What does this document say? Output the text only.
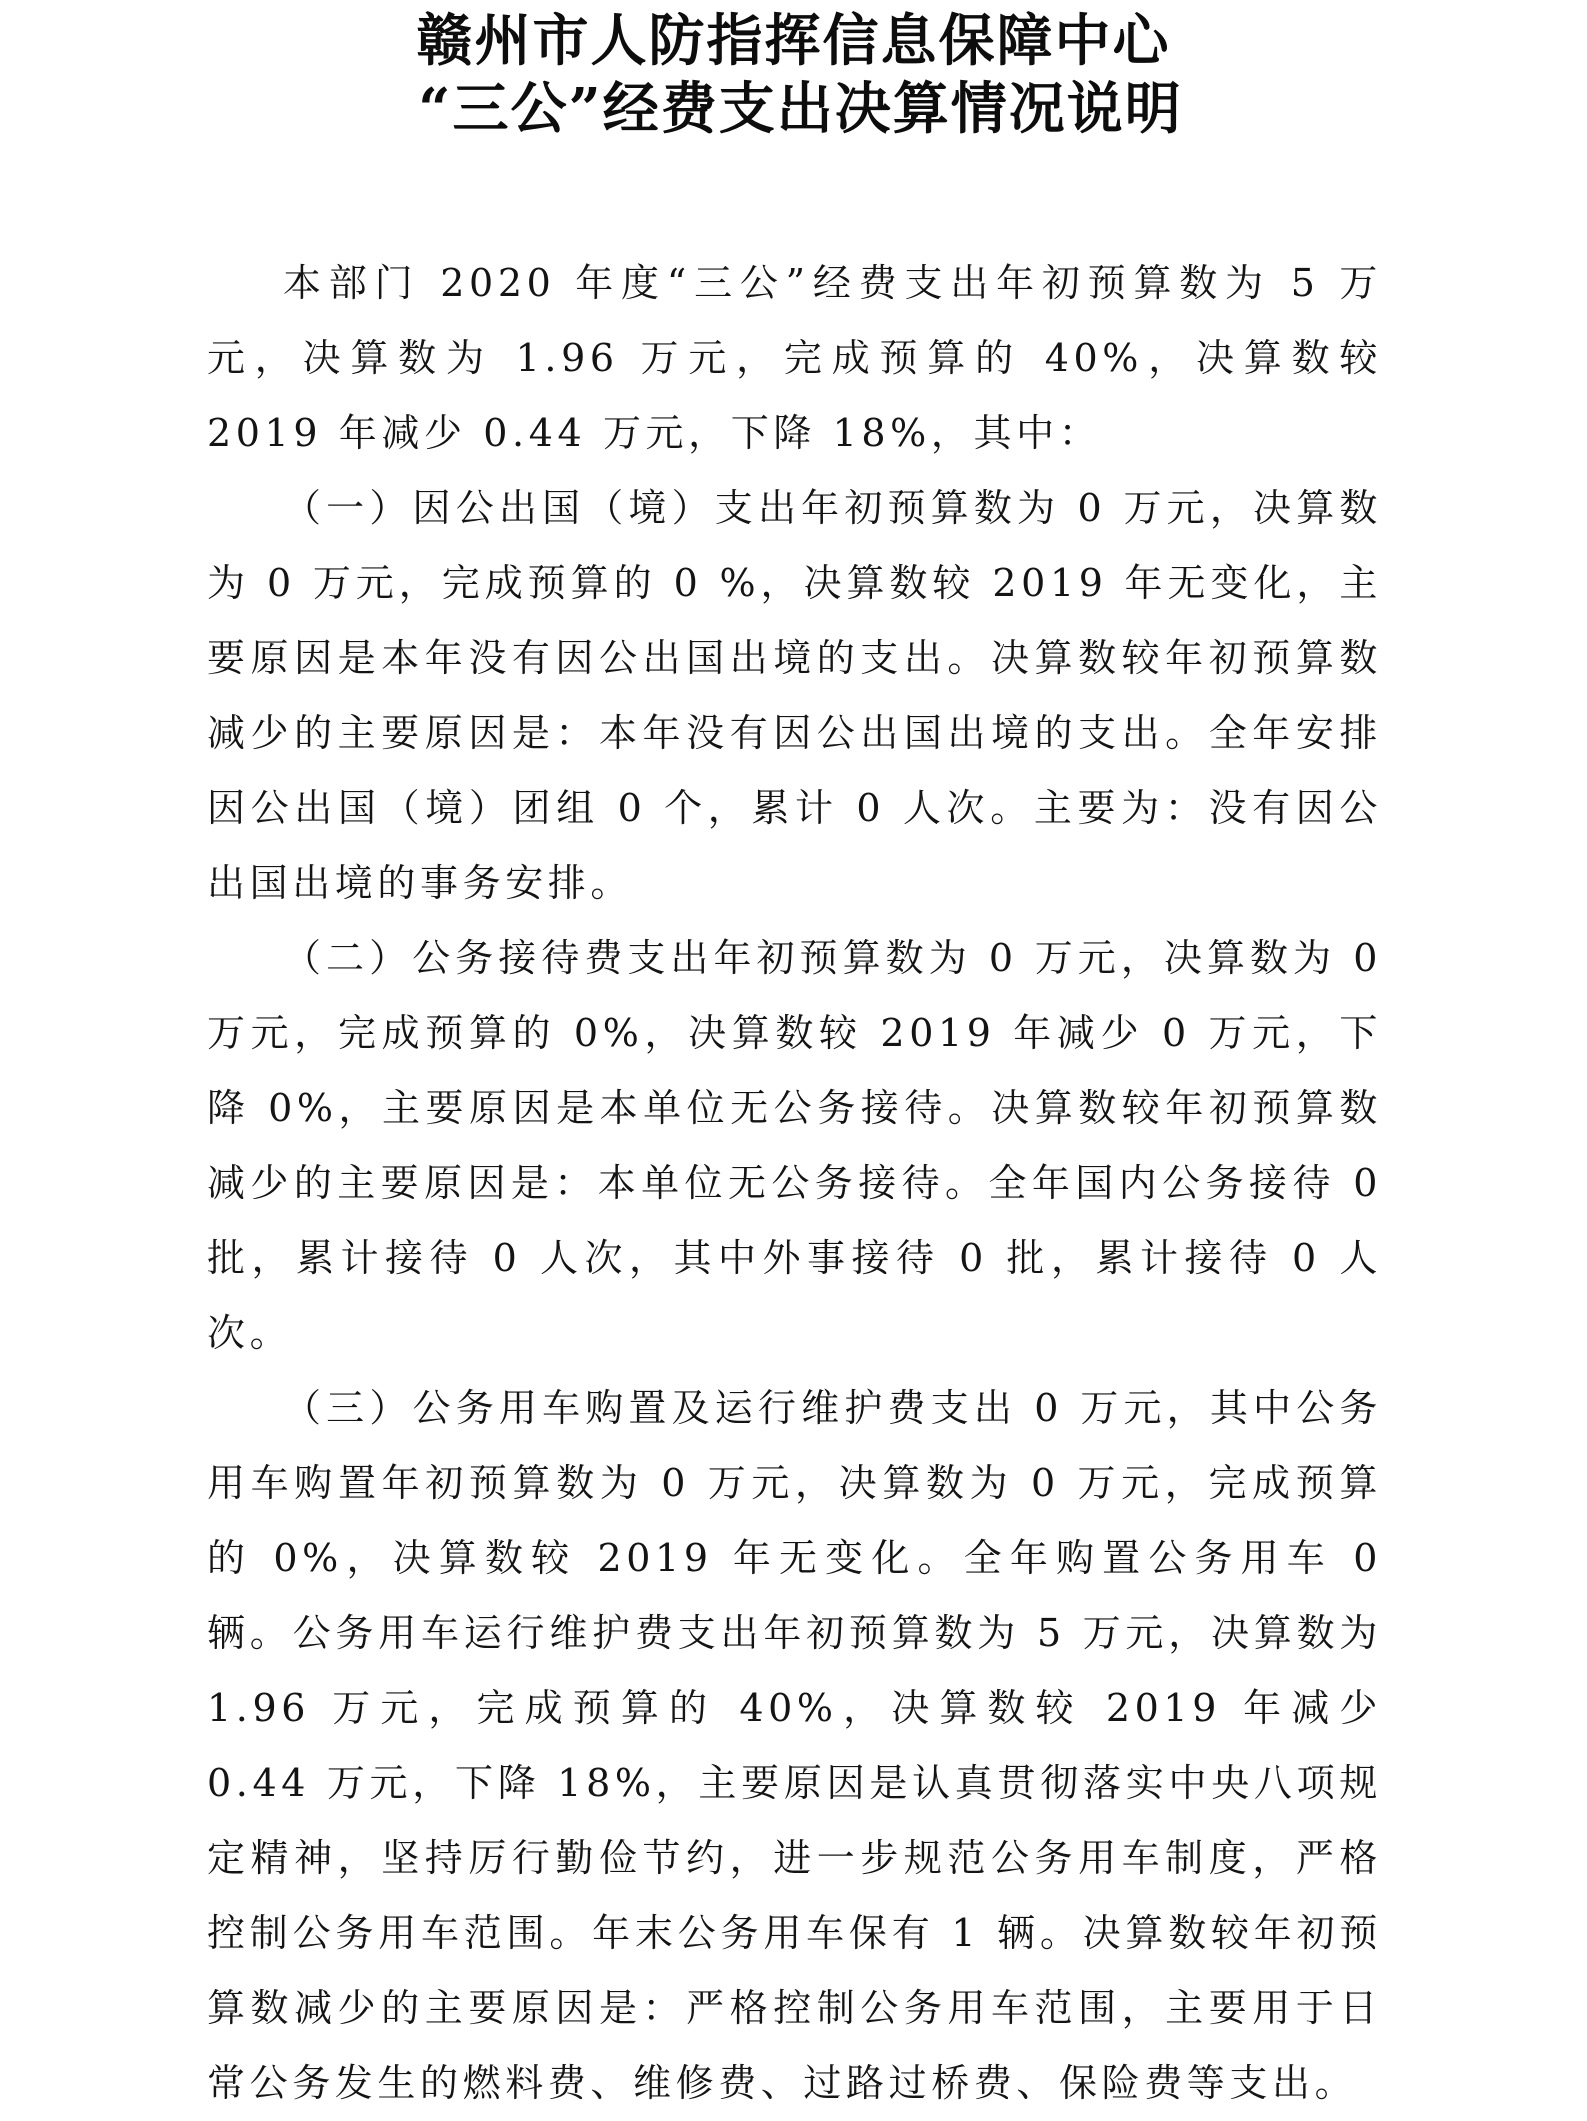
赣州市人防指挥信息保障中心
“三公”经费支出决算情况说明

本部门 2020 年度“三公”经费支出年初预算数为 5 万元，决算数为 1.96 万元，完成预算的 40%，决算数较 2019 年减少 0.44 万元，下降 18%，其中：

（一）因公出国（境）支出年初预算数为 0 万元，决算数为 0 万元，完成预算的 0 %，决算数较 2019 年无变化，主要原因是本年没有因公出国出境的支出。决算数较年初预算数减少的主要原因是：本年没有因公出国出境的支出。全年安排因公出国（境）团组 0 个，累计 0 人次。主要为：没有因公出国出境的事务安排。

（二）公务接待费支出年初预算数为 0 万元，决算数为 0 万元，完成预算的 0%，决算数较 2019 年减少 0 万元，下降 0%，主要原因是本单位无公务接待。决算数较年初预算数减少的主要原因是：本单位无公务接待。全年国内公务接待 0 批，累计接待 0 人次，其中外事接待 0 批，累计接待 0 人次。

（三）公务用车购置及运行维护费支出 0 万元，其中公务用车购置年初预算数为 0 万元，决算数为 0 万元，完成预算的 0%，决算数较 2019 年无变化。全年购置公务用车 0 辆。公务用车运行维护费支出年初预算数为 5 万元，决算数为 1.96 万元，完成预算的 40%，决算数较 2019 年减少 0.44 万元，下降 18%，主要原因是认真贯彻落实中央八项规定精神，坚持厉行勤俭节约，进一步规范公务用车制度，严格控制公务用车范围。年末公务用车保有 1 辆。决算数较年初预算数减少的主要原因是：严格控制公务用车范围，主要用于日常公务发生的燃料费、维修费、过路过桥费、保险费等支出。
